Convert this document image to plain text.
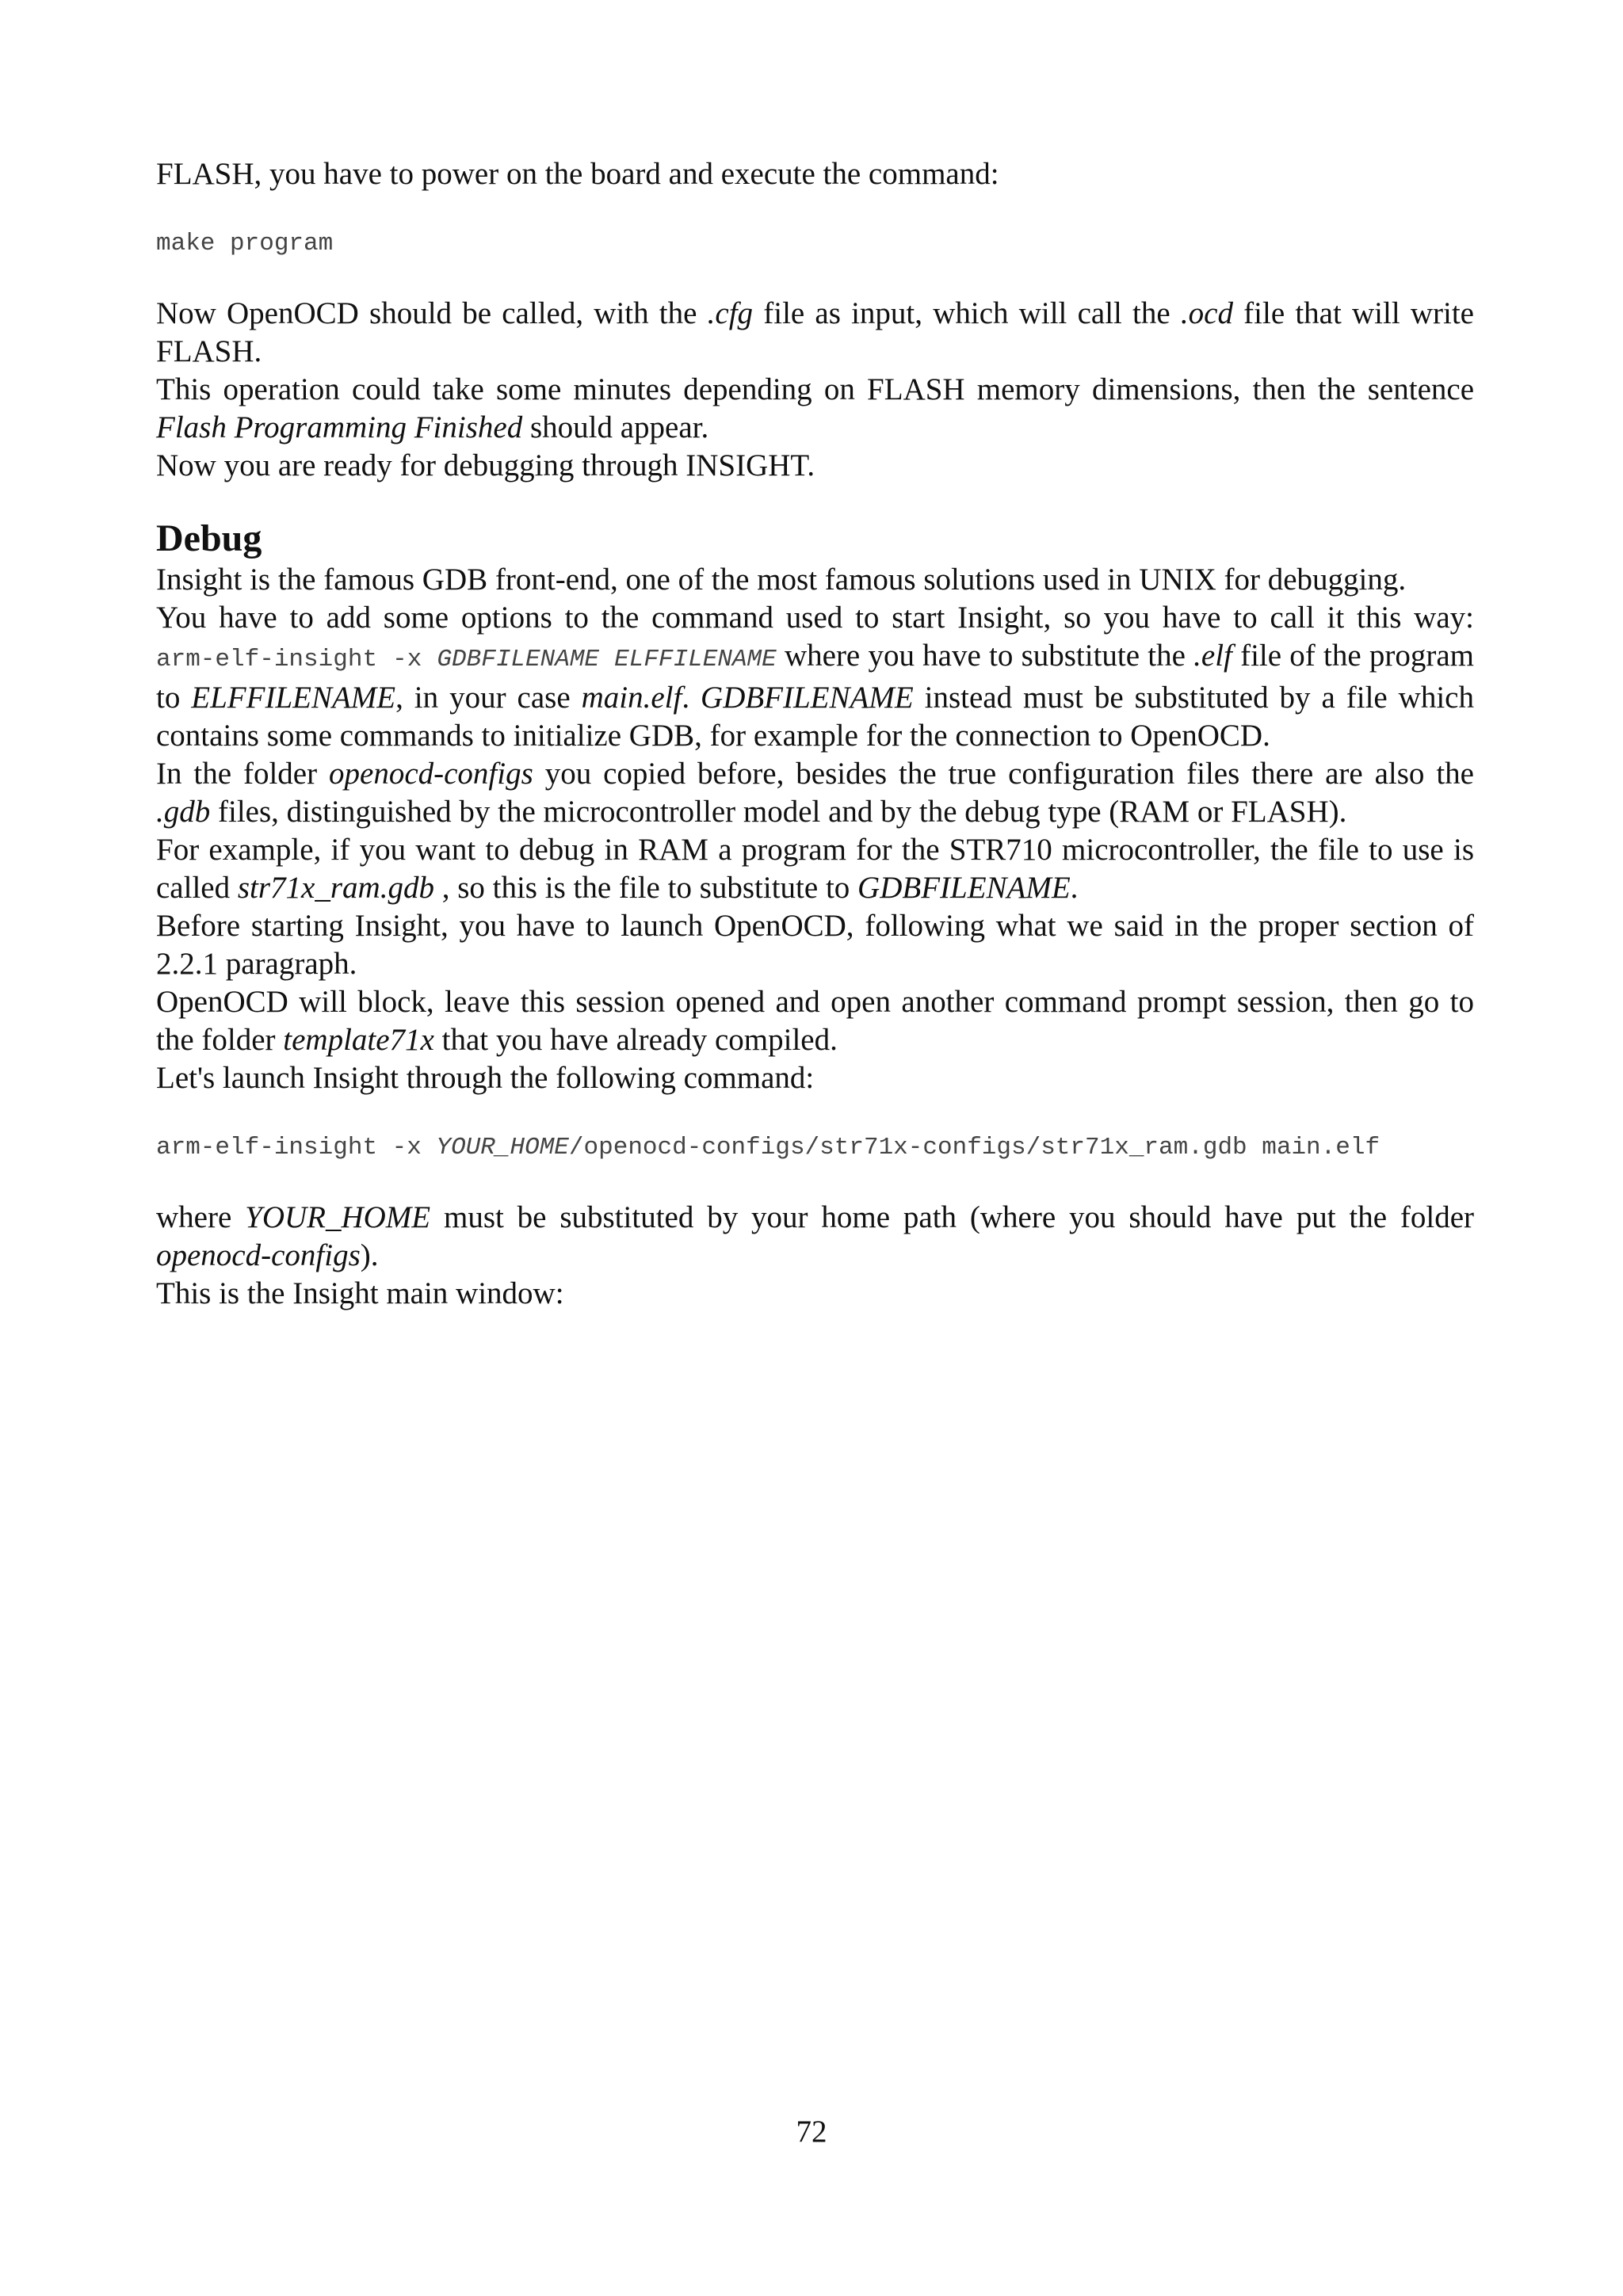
FLASH, you have to power on the board and execute the command:

make program

Now OpenOCD should be called, with the .cfg file as input, which will call the .ocd file that will write FLASH.

This operation could take some minutes depending on FLASH memory dimensions, then the sentence Flash Programming Finished should appear.

Now you are ready for debugging through INSIGHT.

Debug

Insight is the famous GDB front-end, one of the most famous solutions used in UNIX for debugging.

You have to add some options to the command used to start Insight, so you have to call it this way: arm-elf-insight -x GDBFILENAME ELFFILENAME where you have to substitute the .elf file of the program to ELFFILENAME, in your case main.elf. GDBFILENAME instead must be substituted by a file which contains some commands to initialize GDB, for example for the connection to OpenOCD.

In the folder openocd-configs you copied before, besides the true configuration files there are also the .gdb files, distinguished by the microcontroller model and by the debug type (RAM or FLASH).

For example, if you want to debug in RAM a program for the STR710 microcontroller, the file to use is called str71x_ram.gdb , so this is the file to substitute to GDBFILENAME.

Before starting Insight, you have to launch OpenOCD, following what we said in the proper section of 2.2.1 paragraph.

OpenOCD will block, leave this session opened and open another command prompt session, then go to the folder template71x that you have already compiled.

Let's launch Insight through the following command:

arm-elf-insight -x YOUR_HOME/openocd-configs/str71x-configs/str71x_ram.gdb main.elf

where YOUR_HOME must be substituted by your home path (where you should have put the folder openocd-configs).

This is the Insight main window:

72
